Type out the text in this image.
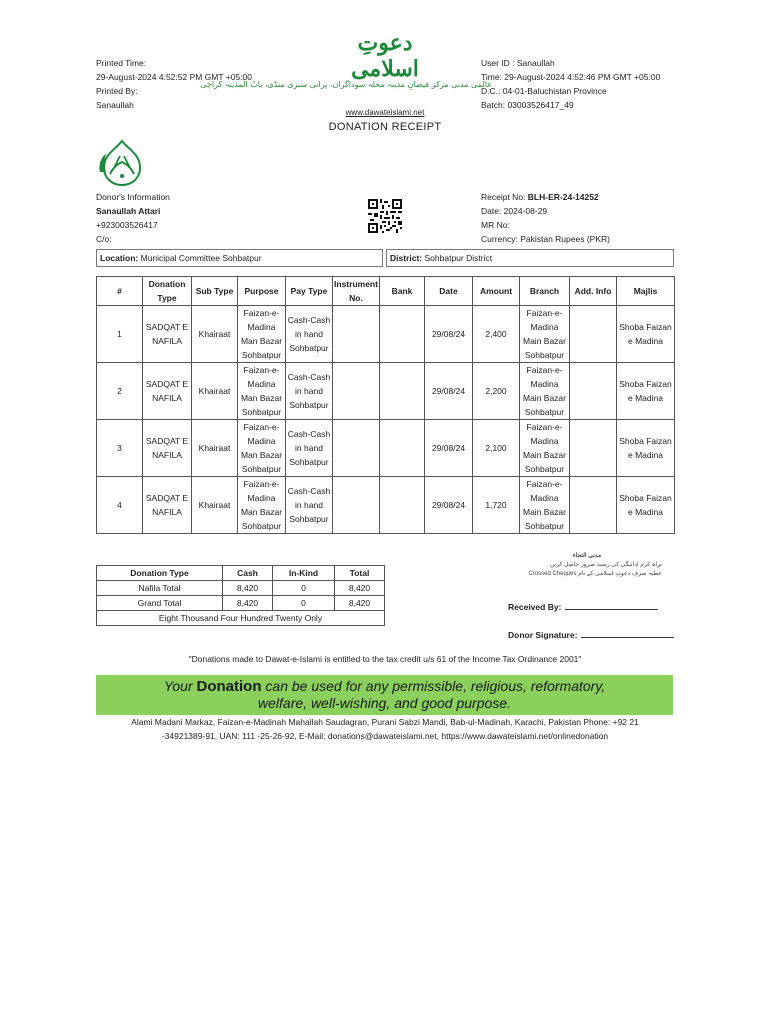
Printed Time:
29-August-2024 4:52:52 PM GMT +05:00
Printed By:
Sanaullah
دعوتِ اسلامی
عالمی مدنی مرکز فیضانِ مدینہ محلہ سوداگران، پرانی سبزی منڈی، بابُ المدینہ کراچی
User ID : Sanaullah
Time: 29-August-2024 4:52:46 PM GMT +05:00
D.C.: 04-01-Baluchistan Province
Batch: 03003526417_49
www.dawateislami.net
DONATION RECEIPT
Donor's Information
Sanaullah Attari
+923003526417
C/o:
Receipt No: BLH-ER-24-14252
Date: 2024-08-29
MR No:
Currency: Pakistan Rupees (PKR)
Location: Municipal Committee Sohbatpur	District: Sohbatpur District
#	Donation Type	Sub Type	Purpose	Pay Type	Instrument No.	Bank	Date	Amount	Branch	Add. Info	Majlis
1	SADQAT E NAFILA	Khairaat	Faizan-e-Madina Man Bazar Sohbatpur	Cash-Cash in hand Sohbatpur			29/08/24	2,400	Faizan-e-Madina Main Bazar Sohbatpur		Shoba Faizan e Madina
2	SADQAT E NAFILA	Khairaat	Faizan-e-Madina Man Bazar Sohbatpur	Cash-Cash in hand Sohbatpur			29/08/24	2,200	Faizan-e-Madina Main Bazar Sohbatpur		Shoba Faizan e Madina
3	SADQAT E NAFILA	Khairaat	Faizan-e-Madina Man Bazar Sohbatpur	Cash-Cash in hand Sohbatpur			29/08/24	2,100	Faizan-e-Madina Main Bazar Sohbatpur		Shoba Faizan e Madina
4	SADQAT E NAFILA	Khairaat	Faizan-e-Madina Man Bazar Sohbatpur	Cash-Cash in hand Sohbatpur			29/08/24	1,720	Faizan-e-Madina Main Bazar Sohbatpur		Shoba Faizan e Madina
Donation Type	Cash	In-Kind	Total
Nafila Total	8,420	0	8,420
Grand Total	8,420	0	8,420
Eight Thousand Four Hundred Twenty Only			
مدنی التجاء
براہ کرم ادائیگی کی رسید ضرور حاصل کریں
عطیہ صرف دعوتِ اسلامی کے نام Crossed Cheques
Received By:
Donor Signature:
"Donations made to Dawat-e-Islami is entitled to the tax credit u/s 61 of the Income Tax Ordinance 2001"
Your Donation can be used for any permissible, religious, reformatory,
welfare, well-wishing, and good purpose.
Alami Madani Markaz, Faizan-e-Madinah Mahallah Saudagran, Purani Sabzi Mandi, Bab-ul-Madinah, Karachi, Pakistan Phone: +92 21
-34921389-91, UAN: 111 -25-26-92, E-Mail: donations@dawateislami.net, https://www.dawateislami.net/onlinedonation
